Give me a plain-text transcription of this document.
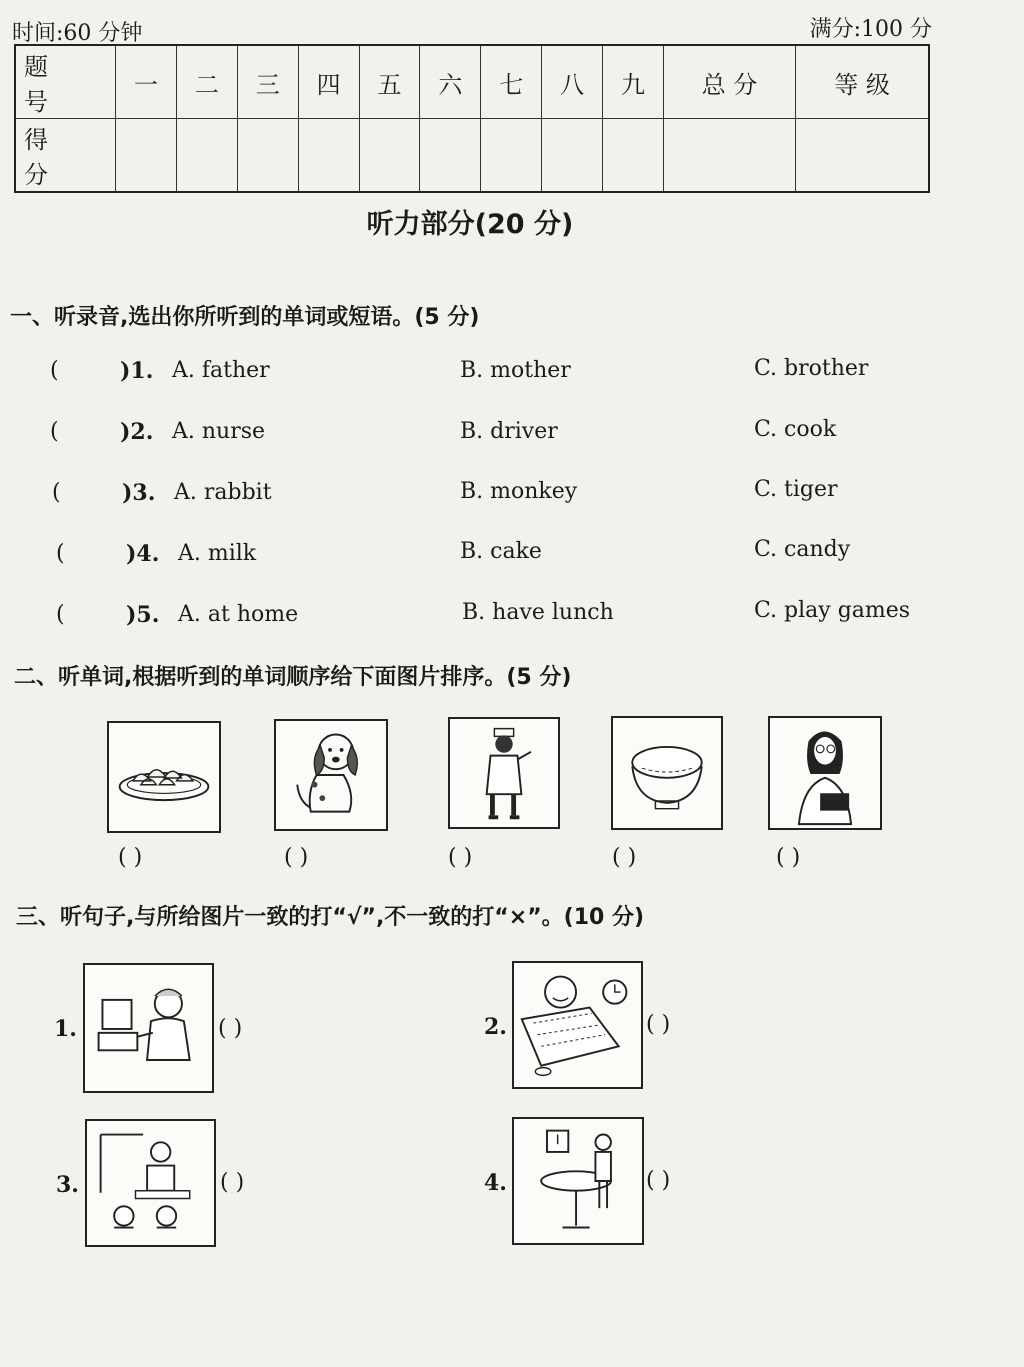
时间:60 分钟	满分:100 分
题 号	一	二	三	四	五	六	七	八	九	总 分	等 级
得 分											
听力部分(20 分)
一、听录音,选出你所听到的单词或短语。(5 分)
(	)1. A. father	B. mother	C. brother
(	)2. A. nurse	B. driver	C. cook
(	)3. A. rabbit	B. monkey	C. tiger
(	)4. A. milk	B. cake	C. candy
(	)5. A. at home	B. have lunch	C. play games
二、听单词,根据听到的单词顺序给下面图片排序。(5 分)
( )	( )	( )	( )	( )
三、听句子,与所给图片一致的打“√”,不一致的打“×”。(10 分)
1.	( )	2.	( )
3.	( )	4.	( )
